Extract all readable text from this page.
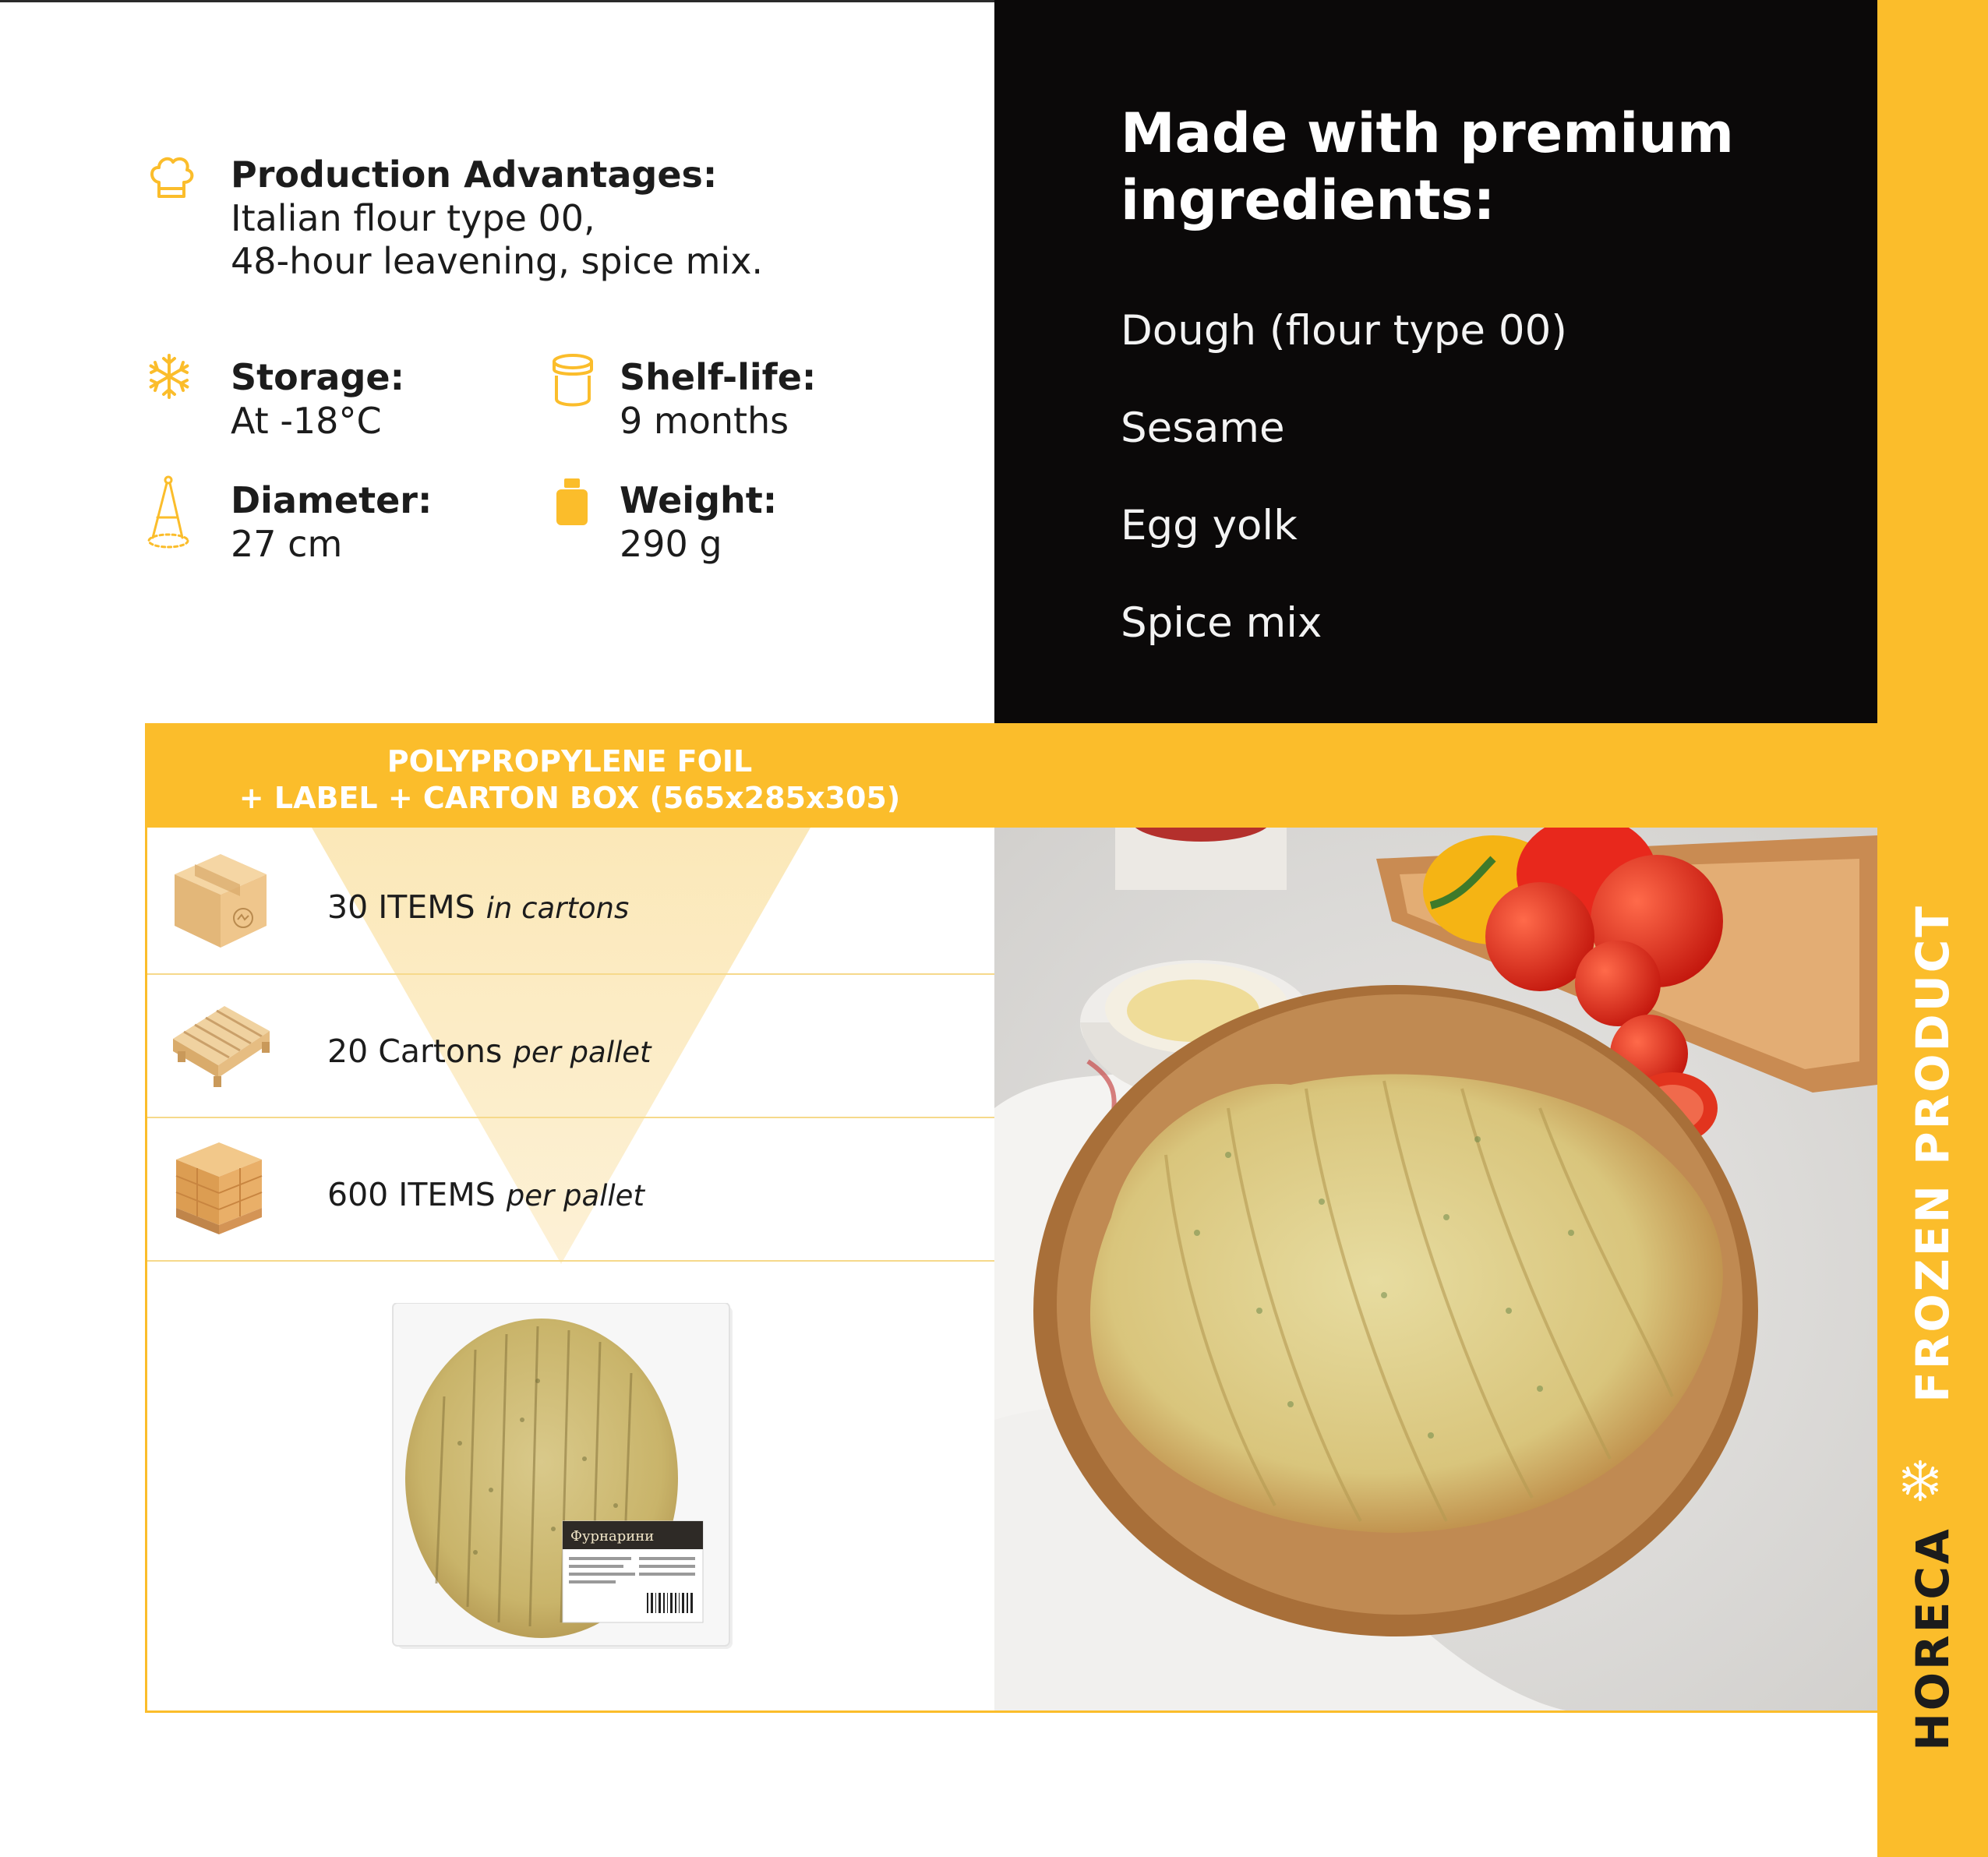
Production Advantages:
Italian flour type 00,
48-hour leavening, spice mix.
Storage:
At -18°C
Shelf-life:
9 months
Diameter:
27 cm
Weight:
290 g
Made with premium ingredients:
Dough (flour type 00)
Sesame
Egg yolk
Spice mix
FROZEN PRODUCT
HORECA
POLYPROPYLENE FOIL
+ LABEL + CARTON BOX (565x285x305)
30 ITEMS in cartons
20 Cartons per pallet
600 ITEMS per pallet
Фурнарини
